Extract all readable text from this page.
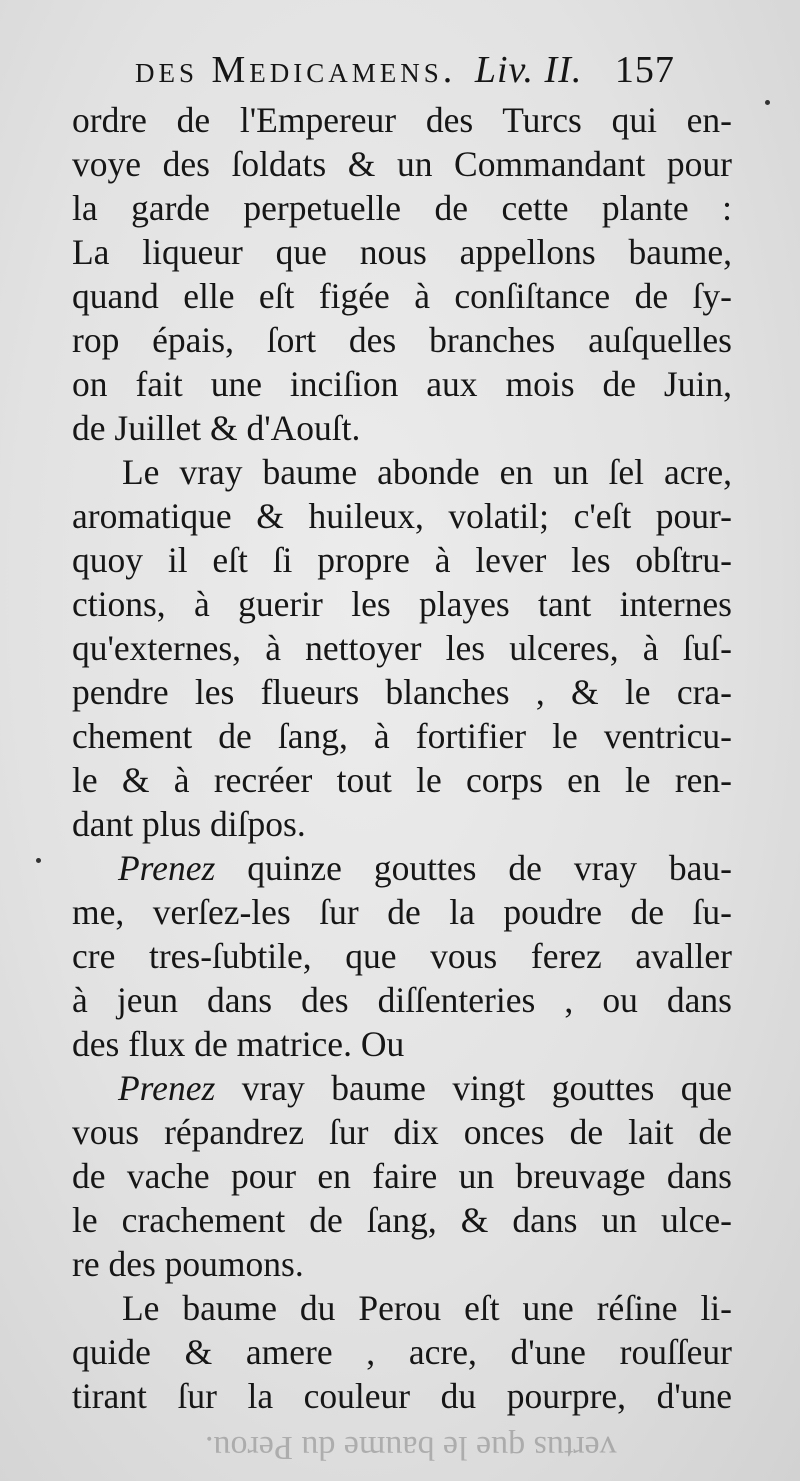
des Medicamens. Liv. II. 157
ordre de l'Empereur des Turcs qui en-
voye des ſoldats & un Commandant pour
la garde perpetuelle de cette plante :
La liqueur que nous appellons baume,
quand elle eſt figée à conſiſtance de ſy-
rop épais, ſort des branches auſquelles
on fait une inciſion aux mois de Juin,
de Juillet & d'Aouſt.
Le vray baume abonde en un ſel acre,
aromatique & huileux, volatil; c'eſt pour-
quoy il eſt ſi propre à lever les obſtru-
ctions, à guerir les playes tant internes
qu'externes, à nettoyer les ulceres, à ſuſ-
pendre les flueurs blanches , & le cra-
chement de ſang, à fortifier le ventricu-
le & à recréer tout le corps en le ren-
dant plus diſpos.
Prenez quinze gouttes de vray bau-
me, verſez-les ſur de la poudre de ſu-
cre tres-ſubtile, que vous ferez avaller
à jeun dans des diſſenteries , ou dans
des flux de matrice. Ou
Prenez vray baume vingt gouttes que
vous répandrez ſur dix onces de lait de
de vache pour en faire un breuvage dans
le crachement de ſang, & dans un ulce-
re des poumons.
Le baume du Perou eſt une réſine li-
quide & amere , acre, d'une rouſſeur
tirant ſur la couleur du pourpre, d'une
vertus que le baume du Perou.
